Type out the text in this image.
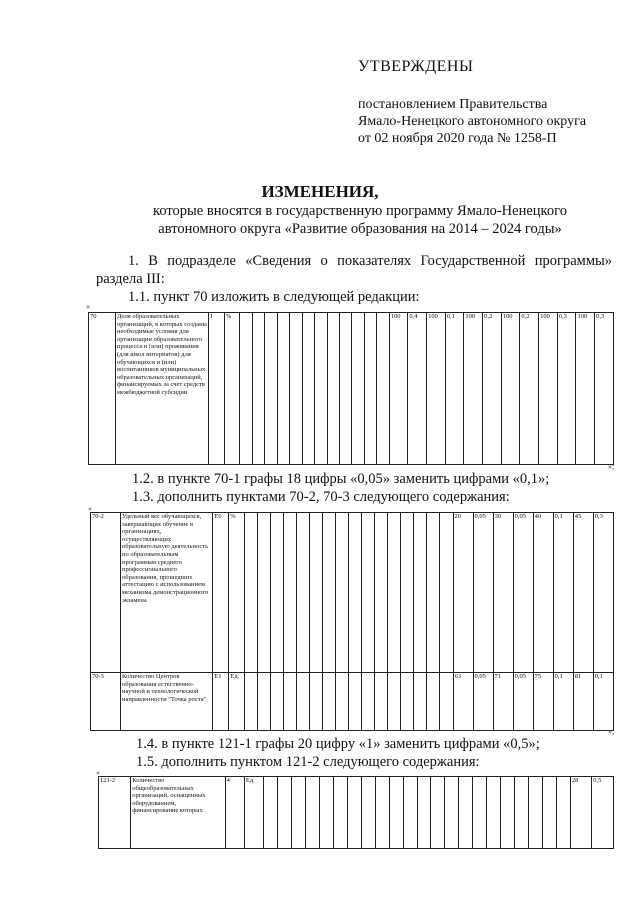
УТВЕРЖДЕНЫ
постановлением Правительства
Ямало-Ненецкого автономного округа
от 02 ноября 2020 года № 1258-П
ИЗМЕНЕНИЯ,
которые вносятся в государственную программу Ямало-Ненецкого
автономного округа «Развитие образования на 2014 – 2024 годы»
1. В подразделе «Сведения о показателях Государственной программы»
раздела III:
1.1. пункт 70 изложить в следующей редакции:
«
70	Доля образовательных организаций, в которых созданы необходимые условия для организации образовательного процесса и (или) проживания (для школ интернатов) для обучающихся и (или) воспитанников муниципальных образовательных организаций, финансируемых за счет средств межбюджетной субсидии	I	%													100	0,4	100	0,1	100	0,2	100	0,2	100	0,3	100	0,3
»;
1.2. в пункте 70-1 графы 18 цифры «0,05» заменить цифрами «0,1»;
1.3. дополнить пунктами 70-2, 70-3 следующего содержания:
«
70-2	Удельный вес обучающихся, завершающих обучение в организациях, осуществляющих образовательную деятельность по образовательным программам среднего профессионального образования, прошедших аттестацию с использованием механизма демонстрационного экзамена	Е6	%																	20	0,05	30	0,05	40	0,1	45	0,3
70-3	Количество Центров образования естественно-научной и технологической направленности "Точка роста"	Е1	Ед.																	63	0,05	71	0,05	75	0,1	81	0,1
»;
1.4. в пункте 121-1 графы 20 цифру «1» заменить цифрами «0,5»;
1.5. дополнить пунктом 121-2 следующего содержания:
«
121-2	Количество общеобразовательных организаций, оснащенных оборудованием, финансирование которых	4	Ед.																							28	0,5
